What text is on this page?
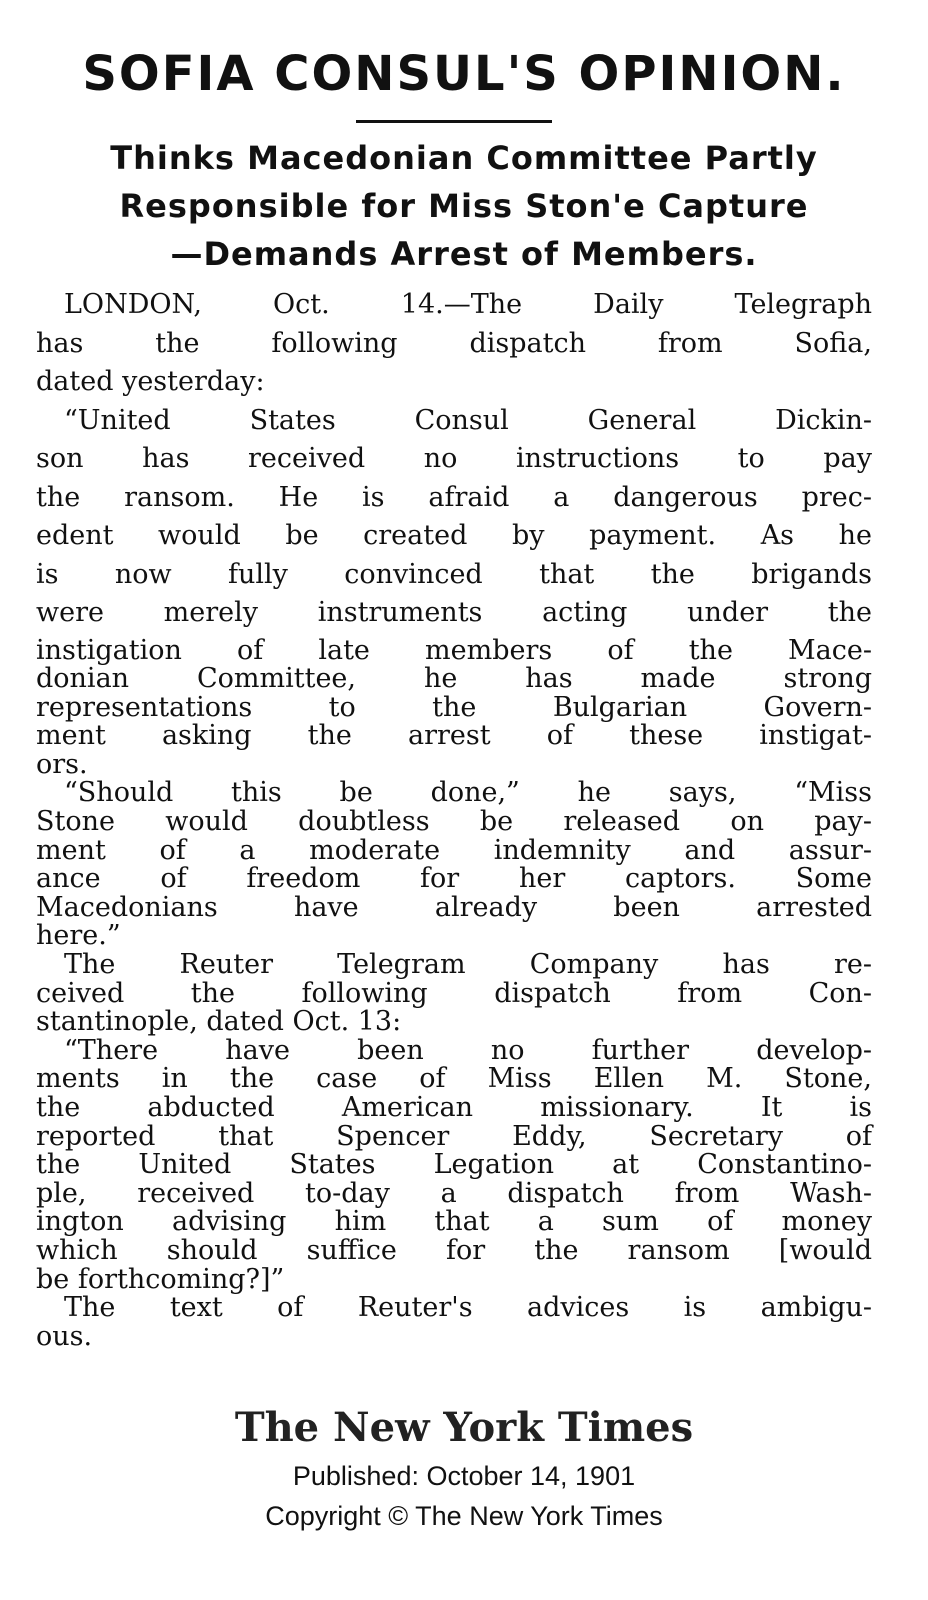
SOFIA CONSUL'S OPINION.
Thinks Macedonian Committee Partly
Responsible for Miss Ston'e Capture
—Demands Arrest of Members.
LONDON, Oct. 14.—The Daily Telegraph
has the following dispatch from Sofia,
dated yesterday:
“United States Consul General Dickin-
son has received no instructions to pay
the ransom. He is afraid a dangerous prec-
edent would be created by payment. As he
is now fully convinced that the brigands
were merely instruments acting under the
instigation of late members of the Mace-
donian Committee, he has made strong
representations to the Bulgarian Govern-
ment asking the arrest of these instigat-
ors.
“Should this be done,” he says, “Miss
Stone would doubtless be released on pay-
ment of a moderate indemnity and assur-
ance of freedom for her captors. Some
Macedonians have already been arrested
here.”
The Reuter Telegram Company has re-
ceived the following dispatch from Con-
stantinople, dated Oct. 13:
“There have been no further develop-
ments in the case of Miss Ellen M. Stone,
the abducted American missionary. It is
reported that Spencer Eddy, Secretary of
the United States Legation at Constantino-
ple, received to-day a dispatch from Wash-
ington advising him that a sum of money
which should suffice for the ransom [would
be forthcoming?]”
The text of Reuter's advices is ambigu-
ous.
The New York Times
Published: October 14, 1901
Copyright © The New York Times
